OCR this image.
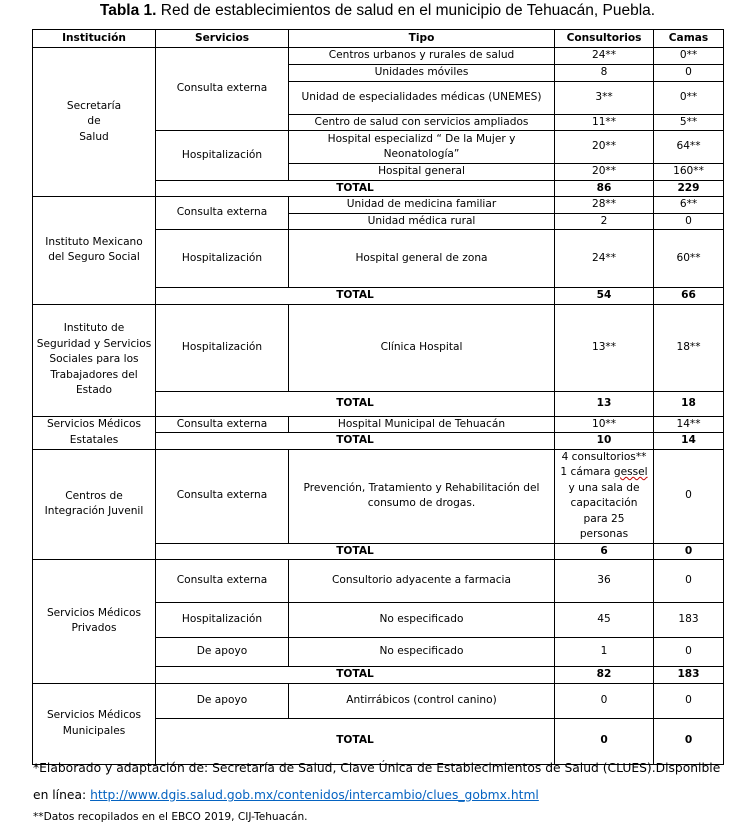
Tabla 1. Red de establecimientos de salud en el municipio de Tehuacán, Puebla.
Institución	Servicios	Tipo	Consultorios	Camas
Secretaría
de
Salud	Consulta externa	Centros urbanos y rurales de salud	24**	0**
		Unidades móviles	8	0
		Unidad de especialidades médicas (UNEMES)	3**	0**
		Centro de salud con servicios ampliados	11**	5**
	Hospitalización	Hospital especializd “ De la Mujer y Neonatología”	20**	64**
		Hospital general	20**	160**
	TOTAL		86	229
Instituto Mexicano del Seguro Social	Consulta externa	Unidad de medicina familiar	28**	6**
		Unidad médica rural	2	0
	Hospitalización	Hospital general de zona	24**	60**
	TOTAL		54	66
Instituto de Seguridad y Servicios Sociales para los Trabajadores del Estado	Hospitalización	Clínica Hospital	13**	18**
	TOTAL		13	18
Servicios Médicos Estatales	Consulta externa	Hospital Municipal de Tehuacán	10**	14**
	TOTAL		10	14
Centros de Integración Juvenil	Consulta externa	Prevención, Tratamiento y Rehabilitación del consumo de drogas.	4 consultorios** 1 cámara gessel y una sala de capacitación para 25 personas	0
	TOTAL		6	0
Servicios Médicos Privados	Consulta externa	Consultorio adyacente a farmacia	36	0
	Hospitalización	No especificado	45	183
	De apoyo	No especificado	1	0
	TOTAL		82	183
Servicios Médicos Municipales	De apoyo	Antirrábicos (control canino)	0	0
	TOTAL		0	0
*Elaborado y adaptación de: Secretaría de Salud, Clave Única de Establecimientos de Salud (CLUES).Disponible en línea: http://www.dgis.salud.gob.mx/contenidos/intercambio/clues_gobmx.html
**Datos recopilados en el EBCO 2019, CIJ-Tehuacán.
